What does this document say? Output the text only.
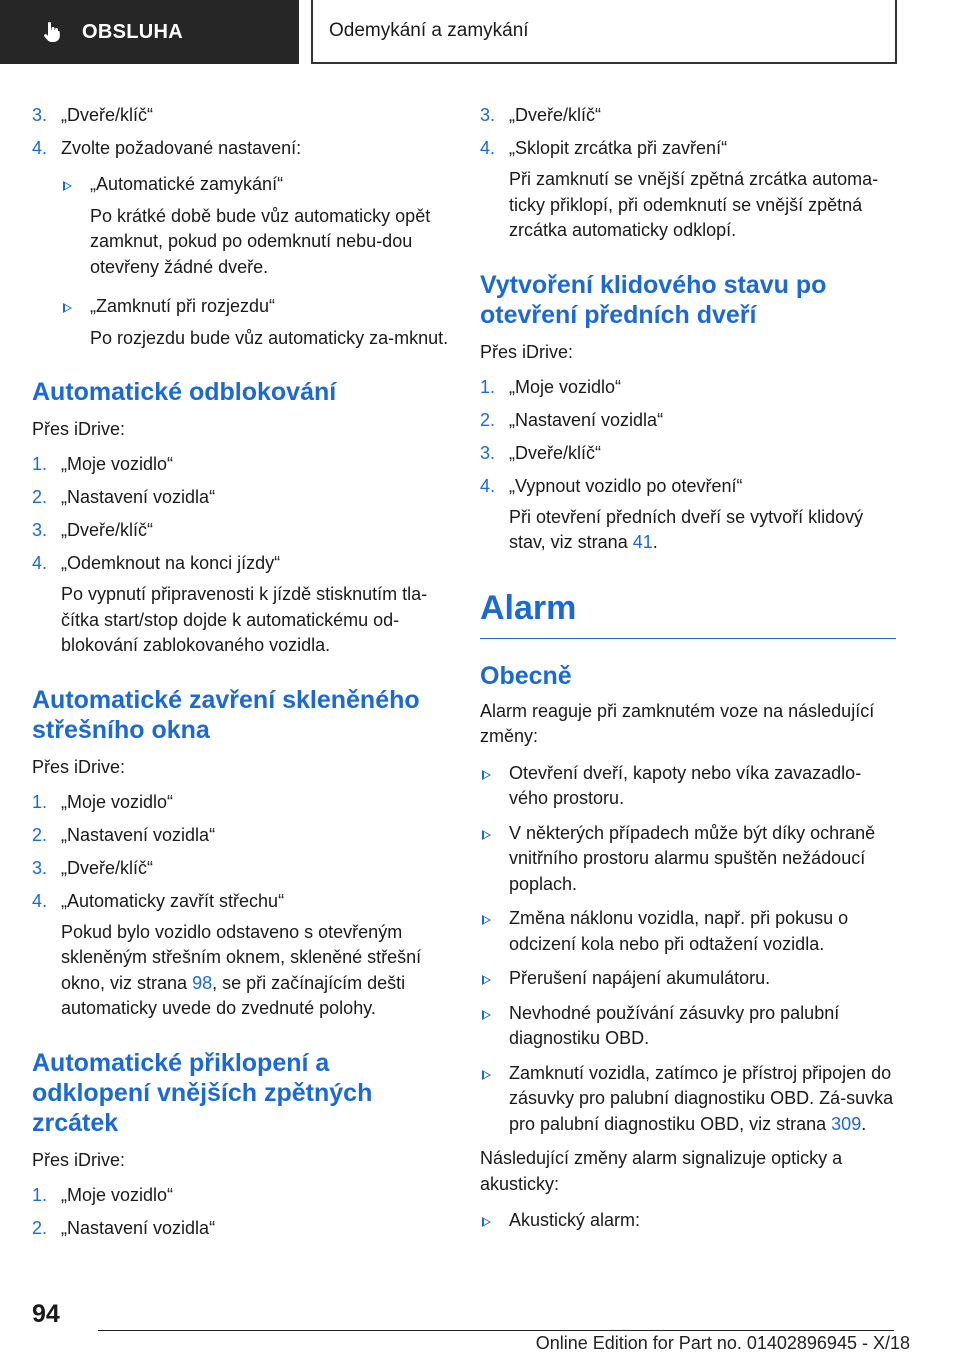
OBSLUHA	Odemykání a zamykání
3. „Dveře/klíč“
4. Zvolte požadované nastavení:
„Automatické zamykání“
Po krátké době bude vůz automaticky opět zamknut, pokud po odemknutí nebu‐dou otevřeny žádné dveře.
„Zamknutí při rozjezdu“
Po rozjezdu bude vůz automaticky za‐mknut.
Automatické odblokování
Přes iDrive:
1. „Moje vozidlo“
2. „Nastavení vozidla“
3. „Dveře/klíč“
4. „Odemknout na konci jízdy“
Po vypnutí připravenosti k jízdě stisknutím tla‐čítka start/stop dojde k automatickému od‐blokování zablokovaného vozidla.
Automatické zavření skleněného střešního okna
Přes iDrive:
1. „Moje vozidlo“
2. „Nastavení vozidla“
3. „Dveře/klíč“
4. „Automaticky zavřít střechu“
Pokud bylo vozidlo odstaveno s otevřeným skleněným střešním oknem, skleněné střešní okno, viz strana 98, se při začínajícím dešti automaticky uvede do zvednuté polohy.
Automatické přiklopení a odklopení vnějších zpětných zrcátek
Přes iDrive:
1. „Moje vozidlo“
2. „Nastavení vozidla“
3. „Dveře/klíč“
4. „Sklopit zrcátka při zavření“
Při zamknutí se vnější zpětná zrcátka automa‐ticky přiklopí, při odemknutí se vnější zpětná zrcátka automaticky odklopí.
Vytvoření klidového stavu po otevření předních dveří
Přes iDrive:
1. „Moje vozidlo“
2. „Nastavení vozidla“
3. „Dveře/klíč“
4. „Vypnout vozidlo po otevření“
Při otevření předních dveří se vytvoří klidový stav, viz strana 41.
Alarm
Obecně
Alarm reaguje při zamknutém voze na následující změny:
Otevření dveří, kapoty nebo víka zavazadlo‐vého prostoru.
V některých případech může být díky ochraně vnitřního prostoru alarmu spuštěn nežádoucí poplach.
Změna náklonu vozidla, např. při pokusu o odcizení kola nebo při odtažení vozidla.
Přerušení napájení akumulátoru.
Nevhodné používání zásuvky pro palubní diagnostiku OBD.
Zamknutí vozidla, zatímco je přístroj připojen do zásuvky pro palubní diagnostiku OBD. Zá‐suvka pro palubní diagnostiku OBD, viz strana 309.
Následující změny alarm signalizuje opticky a akusticky:
Akustický alarm:
94
Online Edition for Part no. 01402896945 - X/18
